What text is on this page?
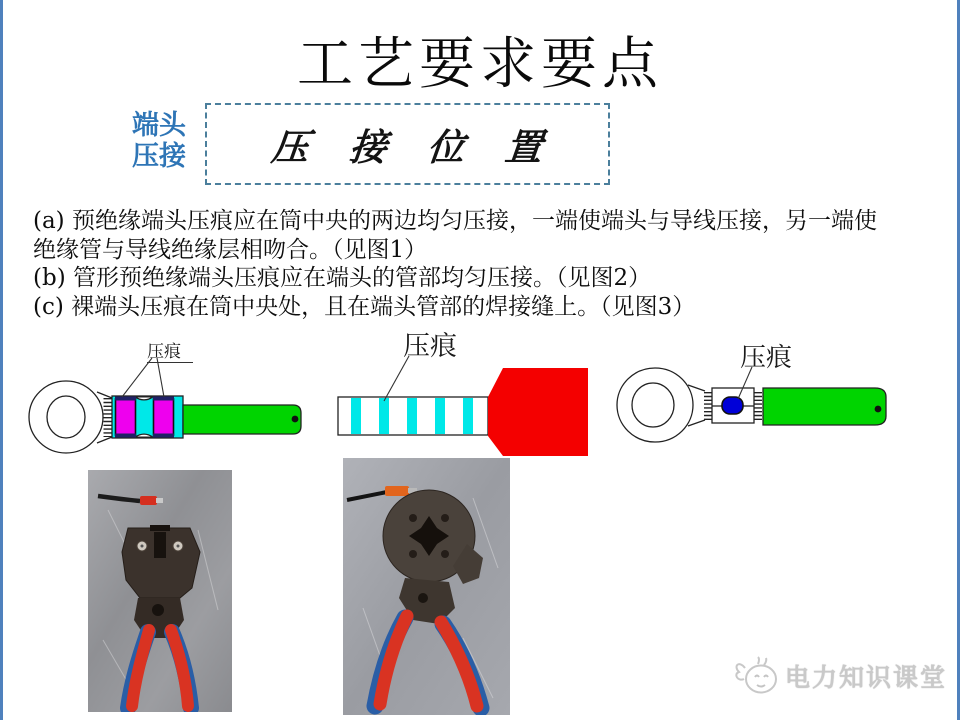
工艺要求要点
端头
压接	压 接 位 置
(a) 预绝缘端头压痕应在筒中央的两边均匀压接，一端使端头与导线压接，另一端使
绝缘管与导线绝缘层相吻合。（见图1）
(b) 管形预绝缘端头压痕应在端头的管部均匀压接。（见图2）
(c) 裸端头压痕在筒中央处，且在端头管部的焊接缝上。（见图3）
压痕	压痕	压痕
电力知识课堂
